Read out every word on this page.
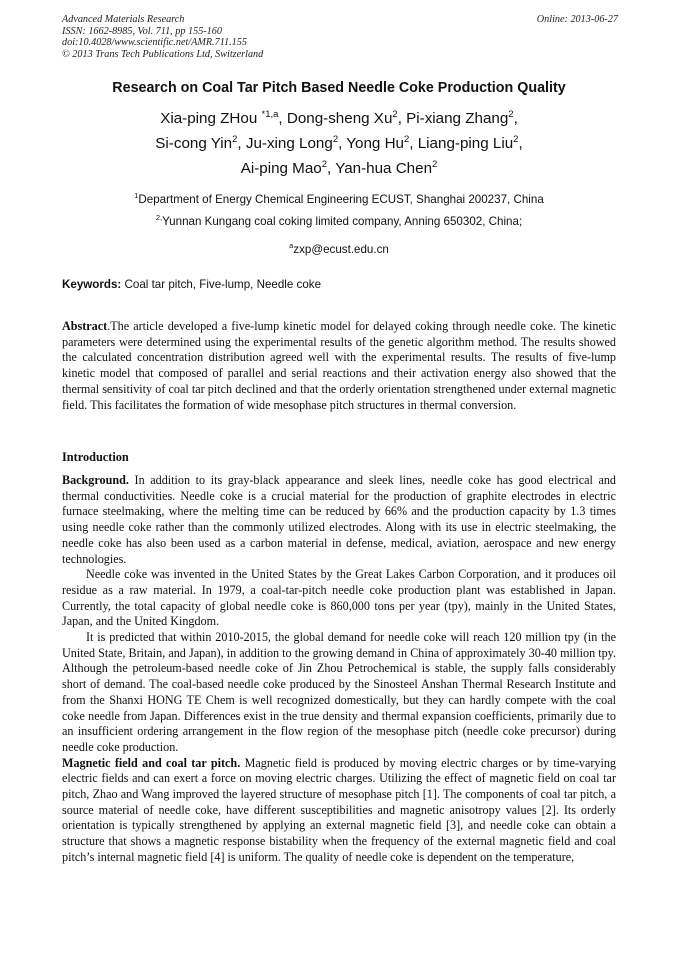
Advanced Materials Research
ISSN: 1662-8985, Vol. 711, pp 155-160
doi:10.4028/www.scientific.net/AMR.711.155
© 2013 Trans Tech Publications Ltd, Switzerland
Online: 2013-06-27
Research on Coal Tar Pitch Based Needle Coke Production Quality
Xia-ping ZHou $^{*1,a}$, Dong-sheng Xu$^2$, Pi-xiang Zhang$^2$,
Si-cong Yin$^2$, Ju-xing Long$^2$, Yong Hu$^2$, Liang-ping Liu$^2$,
Ai-ping Mao$^2$, Yan-hua Chen$^2$
$^1$Department of Energy Chemical Engineering ECUST, Shanghai 200237, China
$^{2,}$Yunnan Kungang coal coking limited company, Anning 650302, China;
$^a$zxp@ecust.edu.cn
Keywords: Coal tar pitch, Five-lump, Needle coke

Abstract.The article developed a five-lump kinetic model for delayed coking through needle coke. The kinetic parameters were determined using the experimental results of the genetic algorithm method. The results showed the calculated concentration distribution agreed well with the experimental results. The results of five-lump kinetic model that composed of parallel and serial reactions and their activation energy also showed that the thermal sensitivity of coal tar pitch declined and that the orderly orientation strengthened under external magnetic field. This facilitates the formation of wide mesophase pitch structures in thermal conversion.

Introduction

Background. In addition to its gray-black appearance and sleek lines, needle coke has good electrical and thermal conductivities. Needle coke is a crucial material for the production of graphite electrodes in electric furnace steelmaking, where the melting time can be reduced by 66% and the production capacity by 1.3 times using needle coke rather than the commonly utilized electrodes. Along with its use in electric steelmaking, the needle coke has also been used as a carbon material in defense, medical, aviation, aerospace and new energy technologies.

Needle coke was invented in the United States by the Great Lakes Carbon Corporation, and it produces oil residue as a raw material. In 1979, a coal-tar-pitch needle coke production plant was established in Japan. Currently, the total capacity of global needle coke is 860,000 tons per year (tpy), mainly in the United States, Japan, and the United Kingdom.

It is predicted that within 2010-2015, the global demand for needle coke will reach 120 million tpy (in the United State, Britain, and Japan), in addition to the growing demand in China of approximately 30-40 million tpy. Although the petroleum-based needle coke of Jin Zhou Petrochemical is stable, the supply falls considerably short of demand. The coal-based needle coke produced by the Sinosteel Anshan Thermal Research Institute and from the Shanxi HONG TE Chem is well recognized domestically, but they can hardly compete with the coal coke needle from Japan. Differences exist in the true density and thermal expansion coefficients, primarily due to an insufficient ordering arrangement in the flow region of the mesophase pitch (needle coke precursor) during needle coke production.

Magnetic field and coal tar pitch. Magnetic field is produced by moving electric charges or by time-varying electric fields and can exert a force on moving electric charges. Utilizing the effect of magnetic field on coal tar pitch, Zhao and Wang improved the layered structure of mesophase pitch [1]. The components of coal tar pitch, a source material of needle coke, have different susceptibilities and magnetic anisotropy values [2]. Its orderly orientation is typically strengthened by applying an external magnetic field [3], and needle coke can obtain a structure that shows a magnetic response bistability when the frequency of the external magnetic field and coal pitch’s internal magnetic field [4] is uniform. The quality of needle coke is dependent on the temperature,
